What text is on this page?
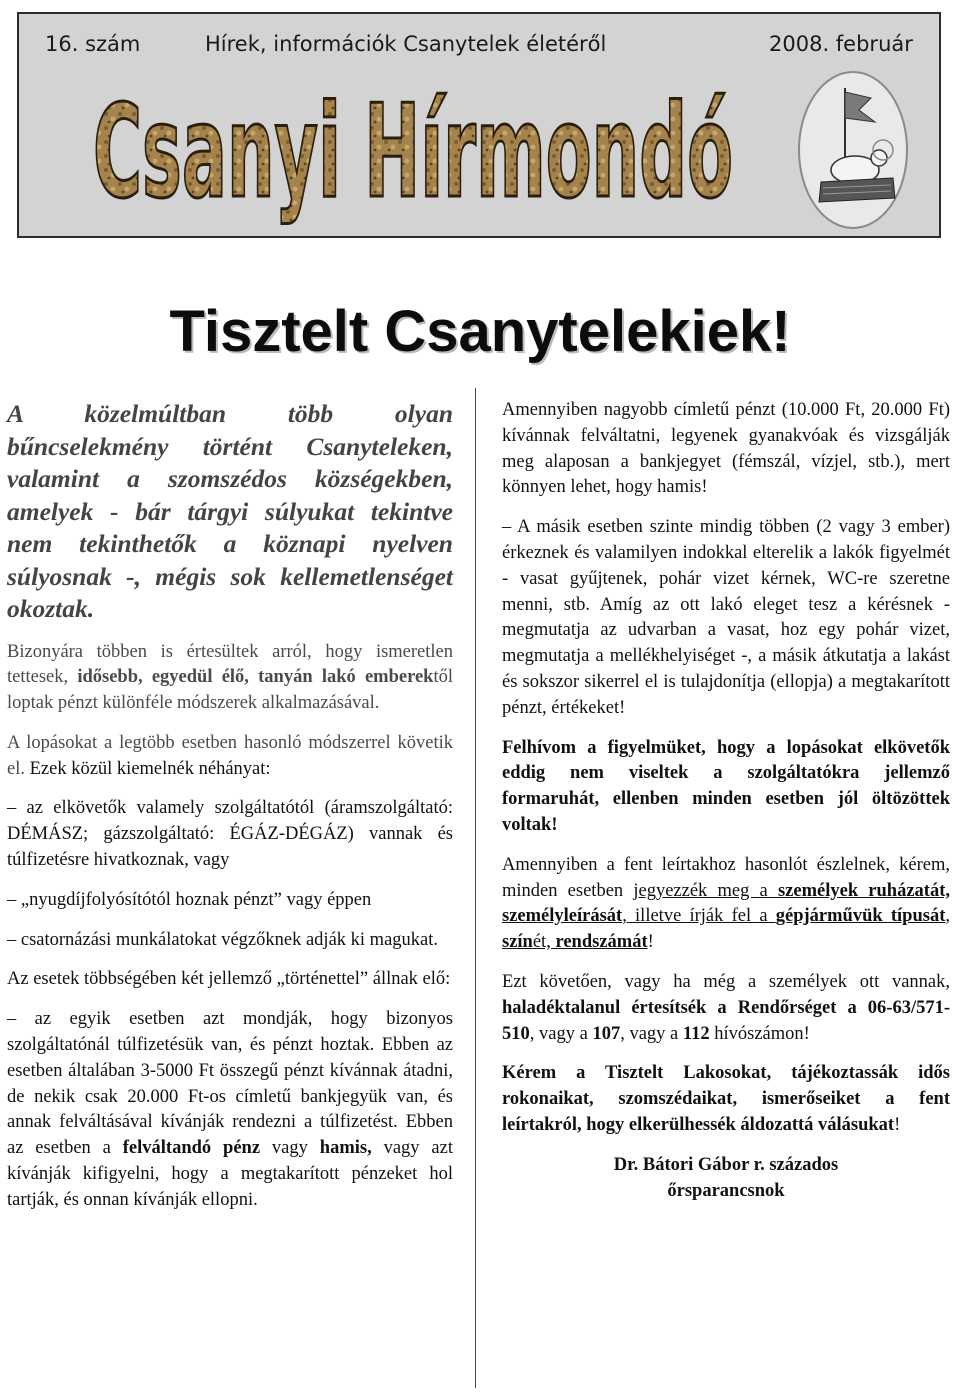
16. szám	Hírek, információk Csanytelek életéről	2008. február
Csanyi Hírmondó
Tisztelt Csanytelekiek!

A közelmúltban több olyan bűncselekmény történt Csanyteleken, valamint a szomszédos községekben, amelyek - bár tárgyi súlyukat tekintve nem tekinthetők a köznapi nyelven súlyosnak -, mégis sok kellemetlenséget okoztak.

Bizonyára többen is értesültek arról, hogy ismeretlen tettesek, idősebb, egyedül élő, tanyán lakó emberektől loptak pénzt különféle módszerek alkalmazásával.

A lopásokat a legtöbb esetben hasonló módszerrel követik el. Ezek közül kiemelnék néhányat:

– az elkövetők valamely szolgáltatótól (áramszolgáltató: DÉMÁSZ; gázszolgáltató: ÉGÁZ-DÉGÁZ) vannak és túlfizetésre hivatkoznak, vagy

– „nyugdíjfolyósítótól hoznak pénzt” vagy éppen

– csatornázási munkálatokat végzőknek adják ki magukat.

Az esetek többségében két jellemző „történettel” állnak elő:

– az egyik esetben azt mondják, hogy bizonyos szolgáltatónál túlfizetésük van, és pénzt hoztak. Ebben az esetben általában 3-5000 Ft összegű pénzt kívánnak átadni, de nekik csak 20.000 Ft-os címletű bankjegyük van, és annak felváltásával kívánják rendezni a túlfizetést. Ebben az esetben a felváltandó pénz vagy hamis, vagy azt kívánják kifigyelni, hogy a megtakarított pénzeket hol tartják, és onnan kívánják ellopni.

Amennyiben nagyobb címletű pénzt (10.000 Ft, 20.000 Ft) kívánnak felváltatni, legyenek gyanakvóak és vizsgálják meg alaposan a bankjegyet (fémszál, vízjel, stb.), mert könnyen lehet, hogy hamis!

– A másik esetben szinte mindig többen (2 vagy 3 ember) érkeznek és valamilyen indokkal elterelik a lakók figyelmét - vasat gyűjtenek, pohár vizet kérnek, WC-re szeretne menni, stb. Amíg az ott lakó eleget tesz a kérésnek - megmutatja az udvarban a vasat, hoz egy pohár vizet, megmutatja a mellékhelyiséget -, a másik átkutatja a lakást és sokszor sikerrel el is tulajdonítja (ellopja) a megtakarított pénzt, értékeket!

Felhívom a figyelmüket, hogy a lopásokat elkövetők eddig nem viseltek a szolgáltatókra jellemző formaruhát, ellenben minden esetben jól öltözöttek voltak!

Amennyiben a fent leírtakhoz hasonlót észlelnek, kérem, minden esetben jegyezzék meg a személyek ruházatát, személyleírását, illetve írják fel a gépjárművük típusát, színét, rendszámát!

Ezt követően, vagy ha még a személyek ott vannak, haladéktalanul értesítsék a Rendőrséget a 06-63/571-510, vagy a 107, vagy a 112 hívószámon!

Kérem a Tisztelt Lakosokat, tájékoztassák idős rokonaikat, szomszédaikat, ismerőseiket a fent leírtakról, hogy elkerülhessék áldozattá válásukat!

Dr. Bátori Gábor r. százados
őrsparancsnok
